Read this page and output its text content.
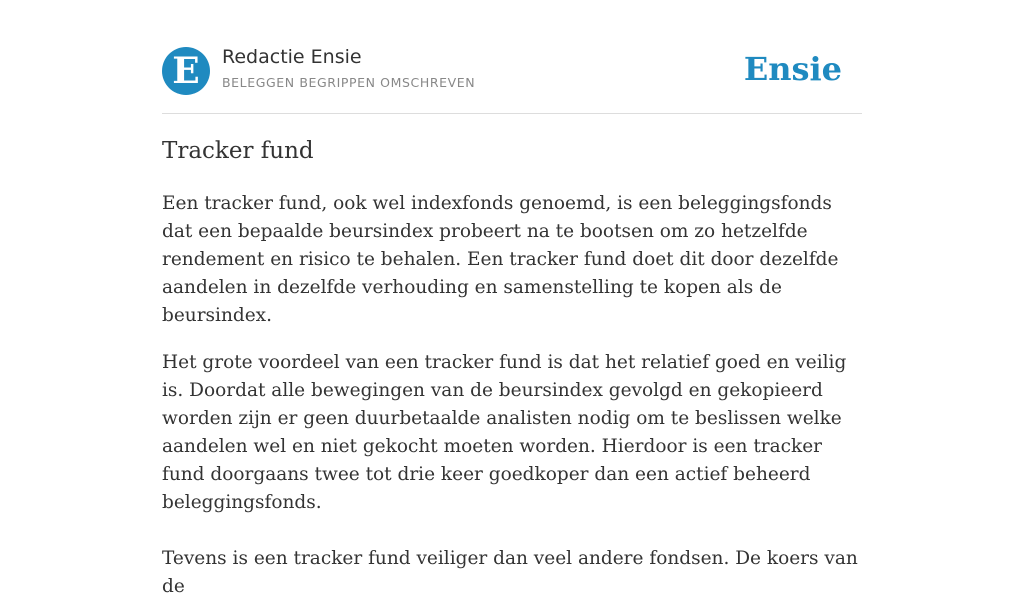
E	Redactie Ensie
BELEGGEN BEGRIPPEN OMSCHREVEN	Ensie
Tracker fund

Een tracker fund, ook wel indexfonds genoemd, is een beleggingsfonds dat een bepaalde beursindex probeert na te bootsen om zo hetzelfde rendement en risico te behalen. Een tracker fund doet dit door dezelfde aandelen in dezelfde verhouding en samenstelling te kopen als de beursindex.

Het grote voordeel van een tracker fund is dat het relatief goed en veilig is. Doordat alle bewegingen van de beursindex gevolgd en gekopieerd worden zijn er geen duurbetaalde analisten nodig om te beslissen welke aandelen wel en niet gekocht moeten worden. Hierdoor is een tracker fund doorgaans twee tot drie keer goedkoper dan een actief beheerd beleggingsfonds.

Tevens is een tracker fund veiliger dan veel andere fondsen. De koers van de
